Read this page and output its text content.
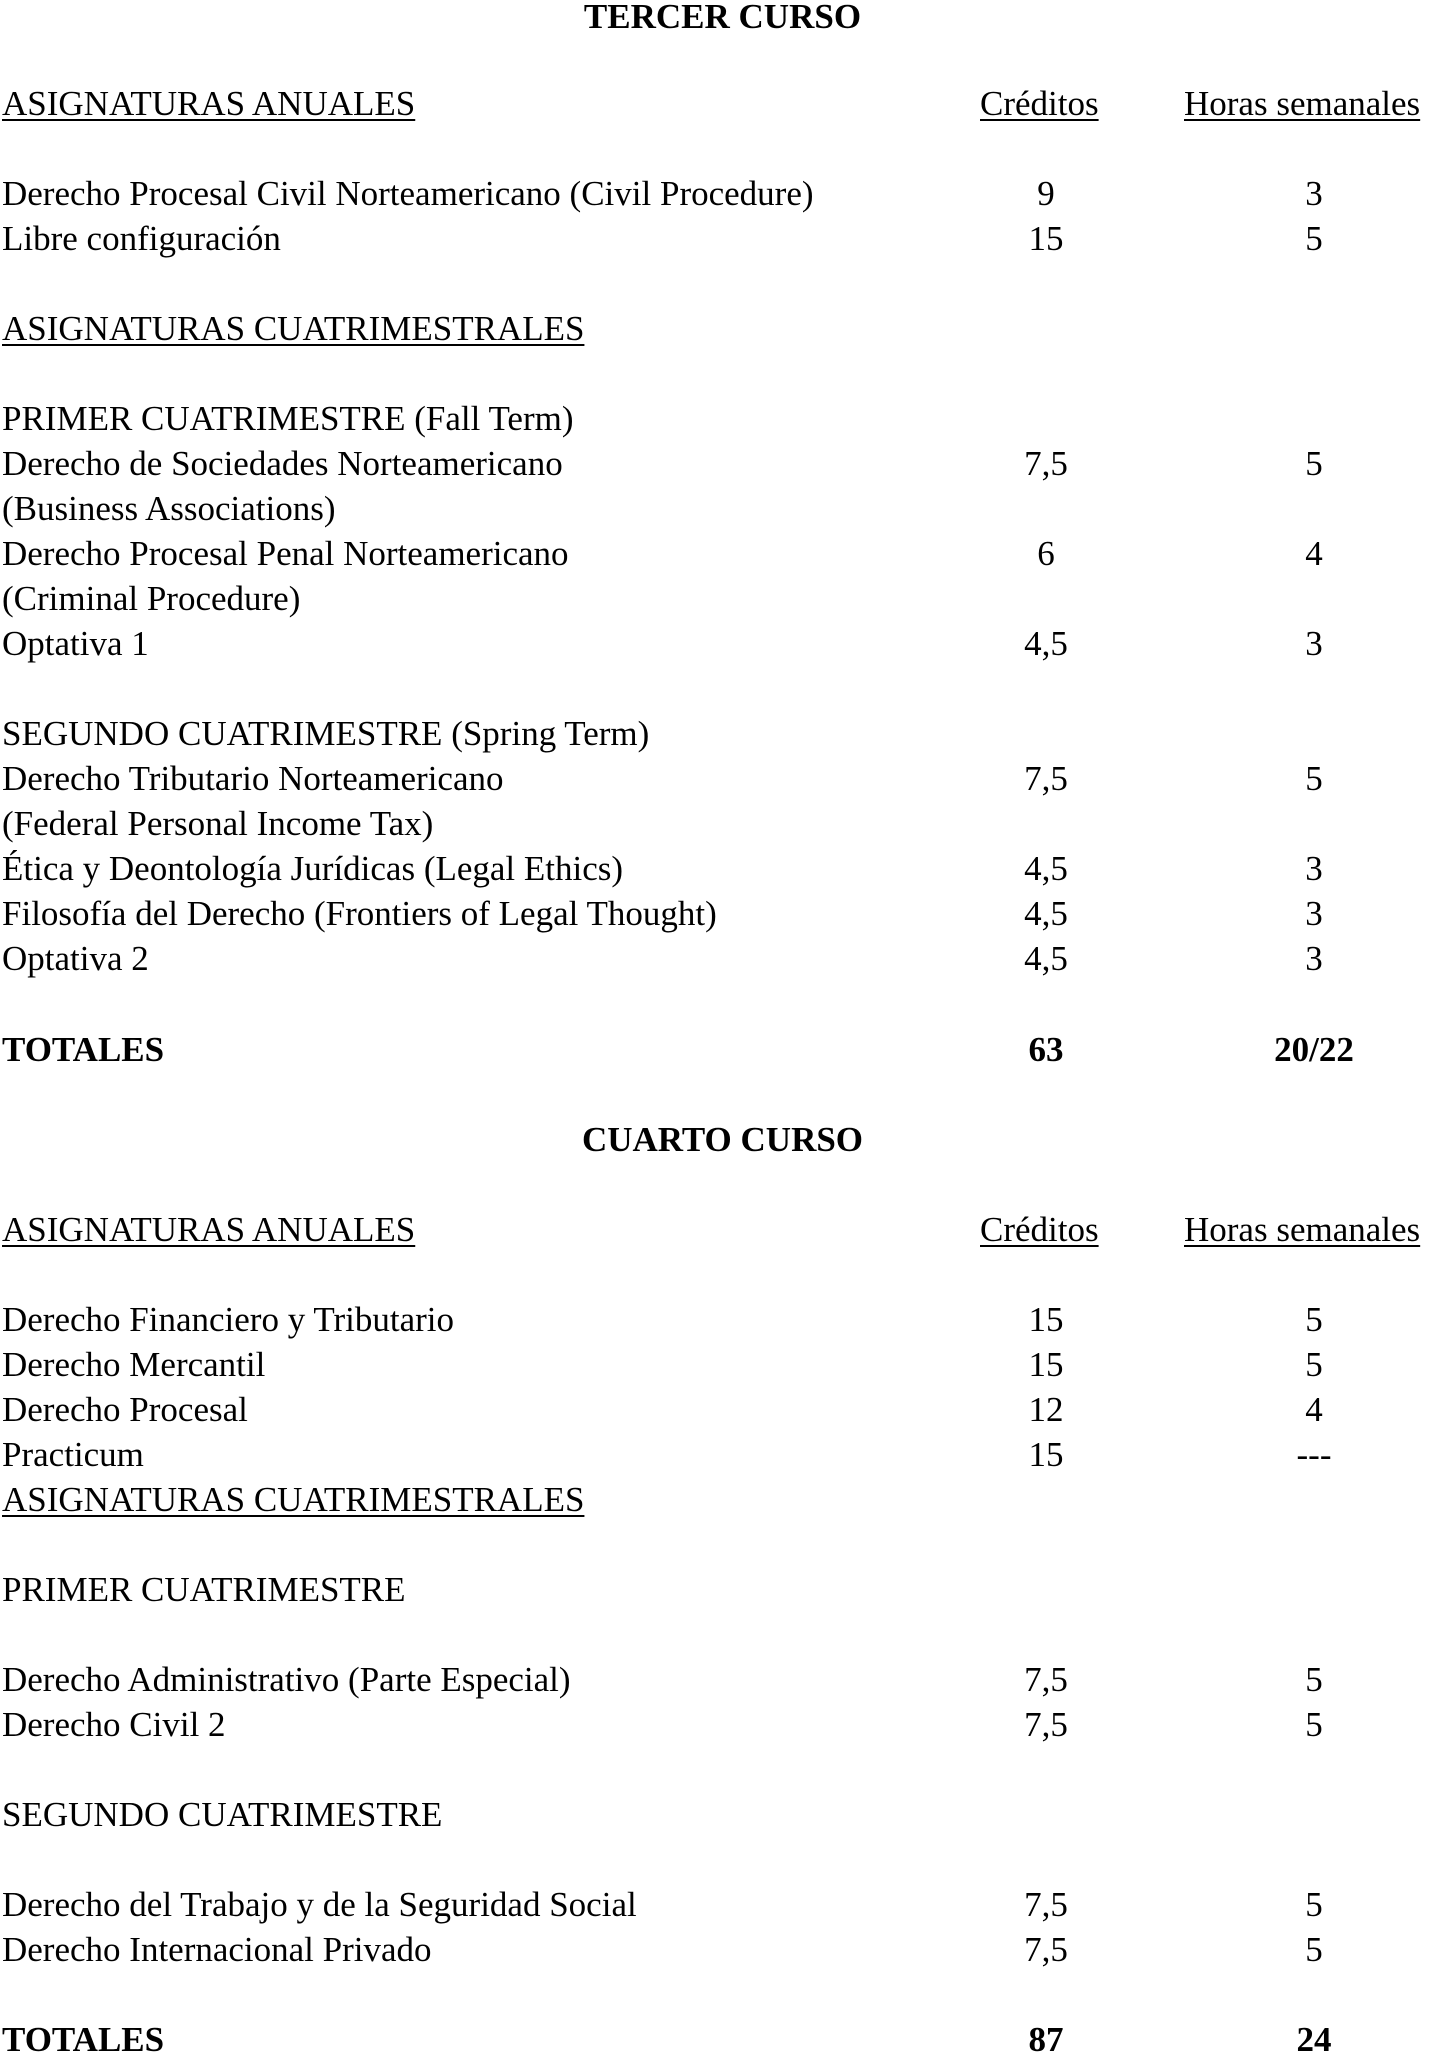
TERCER CURSO
ASIGNATURAS ANUALES	Créditos Horas semanales
Derecho Procesal Civil Norteamericano (Civil Procedure)	9	3
Libre configuración	15	5
ASIGNATURAS CUATRIMESTRALES
PRIMER CUATRIMESTRE (Fall Term)
Derecho de Sociedades Norteamericano	7,5	5
(Business Associations)
Derecho Procesal Penal Norteamericano	6	4
(Criminal Procedure)
Optativa 1	4,5	3
SEGUNDO CUATRIMESTRE (Spring Term)
Derecho Tributario Norteamericano	7,5	5
(Federal Personal Income Tax)
Ética y Deontología Jurídicas (Legal Ethics)	4,5	3
Filosofía del Derecho (Frontiers of Legal Thought)	4,5	3
Optativa 2	4,5	3
TOTALES	63	20/22
CUARTO CURSO
ASIGNATURAS ANUALES	Créditos Horas semanales
Derecho Financiero y Tributario	15	5
Derecho Mercantil	15	5
Derecho Procesal	12	4
Practicum	15	---
ASIGNATURAS CUATRIMESTRALES
PRIMER CUATRIMESTRE
Derecho Administrativo (Parte Especial)	7,5	5
Derecho Civil 2	7,5	5
SEGUNDO CUATRIMESTRE
Derecho del Trabajo y de la Seguridad Social	7,5	5
Derecho Internacional Privado	7,5	5
TOTALES	87	24
